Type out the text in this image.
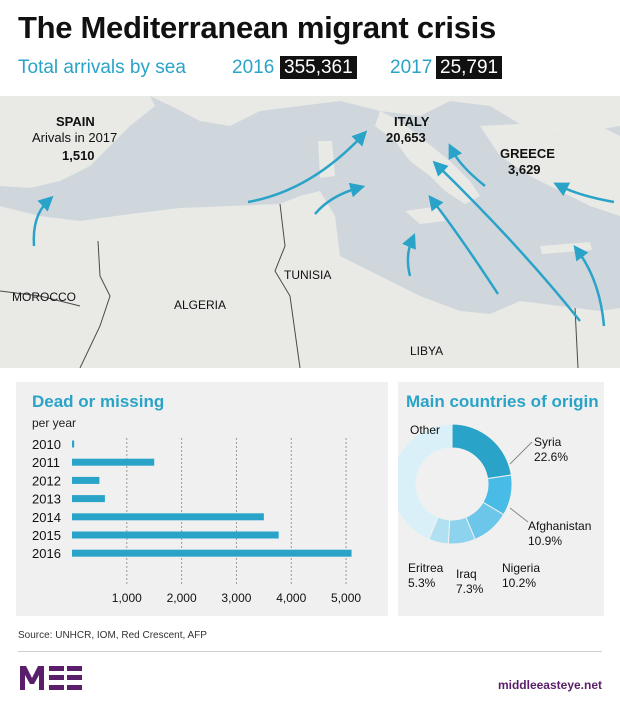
The Mediterranean migrant crisis
Total arrivals by sea 2016 355,361 2017 25,791
SPAIN
Arivals in 2017
1,510
ITALY
20,653
GREECE
3,629
MOROCCO
ALGERIA
TUNISIA
LIBYA
Dead or missing
per year
1,000 2,000 3,000 4,000 5,000
2010
2011
2012
2013
2014
2015
2016
Main countries of origin
Syria
22.6%
Afghanistan
10.9%
Nigeria
10.2%
Iraq
7.3%
Eritrea
5.3%
Other
Source: UNHCR, IOM, Red Crescent, AFP
middleeasteye.net
